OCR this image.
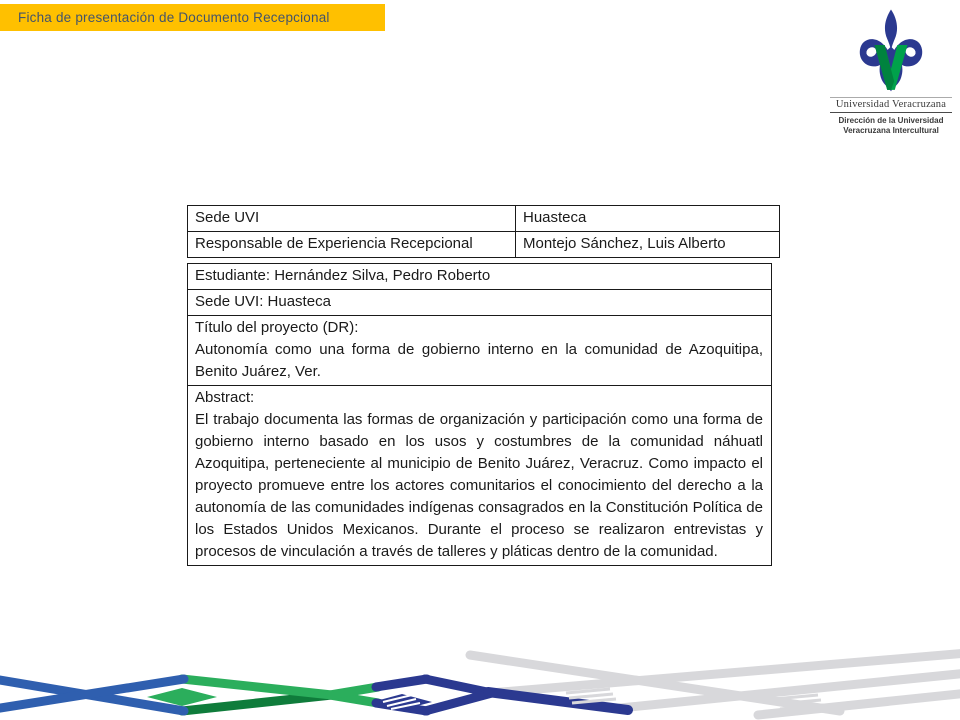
Ficha de presentación de Documento Recepcional
Universidad Veracruzana
Dirección de la Universidad
Veracruzana Intercultural
Sede UVI	Huasteca
Responsable de Experiencia Recepcional	Montejo Sánchez, Luis Alberto
Estudiante: Hernández Silva, Pedro Roberto
Sede UVI: Huasteca

Título del proyecto (DR):
Autonomía como una forma de gobierno interno en la comunidad de Azoquitipa, Benito Juárez, Ver.

Abstract:
El trabajo documenta las formas de organización y participación como una forma de gobierno interno basado en los usos y costumbres de la comunidad náhuatl Azoquitipa, perteneciente al municipio de Benito Juárez, Veracruz. Como impacto el proyecto promueve entre los actores comunitarios el conocimiento del derecho a la autonomía de las comunidades indígenas consagrados en la Constitución Política de los Estados Unidos Mexicanos. Durante el proceso se realizaron entrevistas y procesos de vinculación a través de talleres y pláticas dentro de la comunidad.
